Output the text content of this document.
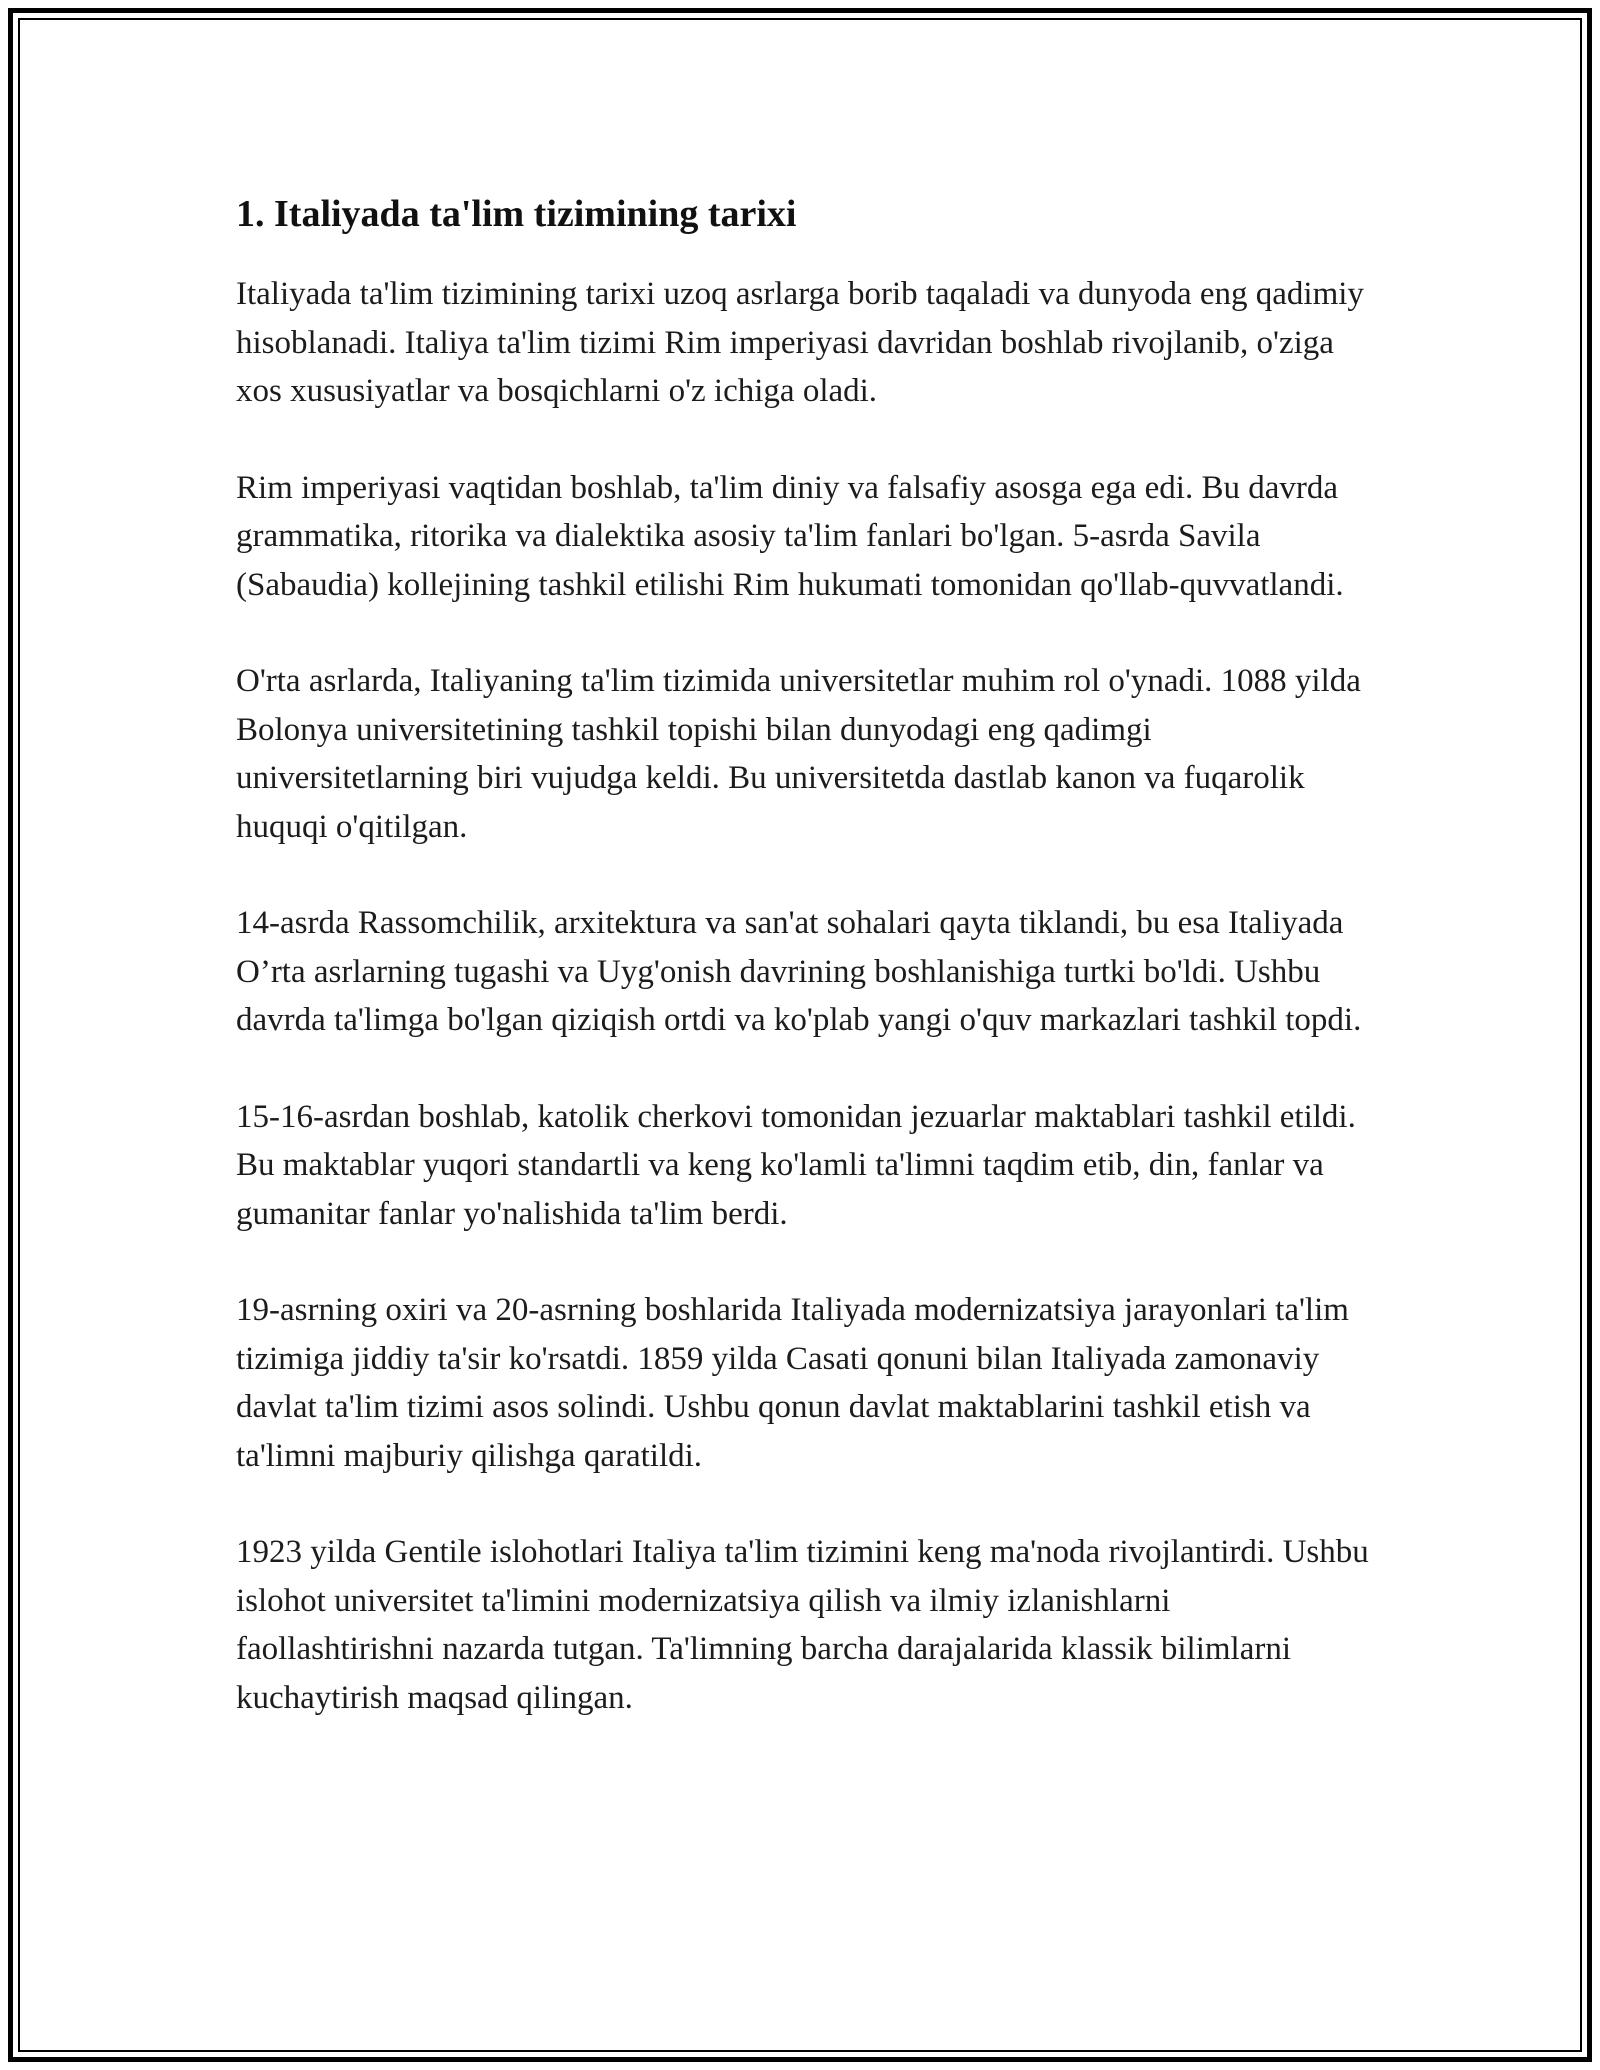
1. Italiyada ta'lim tizimining tarixi

Italiyada ta'lim tizimining tarixi uzoq asrlarga borib taqaladi va dunyoda eng qadimiy hisoblanadi. Italiya ta'lim tizimi Rim imperiyasi davridan boshlab rivojlanib, o'ziga xos xususiyatlar va bosqichlarni o'z ichiga oladi.

Rim imperiyasi vaqtidan boshlab, ta'lim diniy va falsafiy asosga ega edi. Bu davrda grammatika, ritorika va dialektika asosiy ta'lim fanlari bo'lgan. 5-asrda Savila (Sabaudia) kollejining tashkil etilishi Rim hukumati tomonidan qo'llab-quvvatlandi.

O'rta asrlarda, Italiyaning ta'lim tizimida universitetlar muhim rol o'ynadi. 1088 yilda Bolonya universitetining tashkil topishi bilan dunyodagi eng qadimgi universitetlarning biri vujudga keldi. Bu universitetda dastlab kanon va fuqarolik huquqi o'qitilgan.

14-asrda Rassomchilik, arxitektura va san'at sohalari qayta tiklandi, bu esa Italiyada O’rta asrlarning tugashi va Uyg'onish davrining boshlanishiga turtki bo'ldi. Ushbu davrda ta'limga bo'lgan qiziqish ortdi va ko'plab yangi o'quv markazlari tashkil topdi.

15-16-asrdan boshlab, katolik cherkovi tomonidan jezuarlar maktablari tashkil etildi. Bu maktablar yuqori standartli va keng ko'lamli ta'limni taqdim etib, din, fanlar va gumanitar fanlar yo'nalishida ta'lim berdi.

19-asrning oxiri va 20-asrning boshlarida Italiyada modernizatsiya jarayonlari ta'lim tizimiga jiddiy ta'sir ko'rsatdi. 1859 yilda Casati qonuni bilan Italiyada zamonaviy davlat ta'lim tizimi asos solindi. Ushbu qonun davlat maktablarini tashkil etish va ta'limni majburiy qilishga qaratildi.

1923 yilda Gentile islohotlari Italiya ta'lim tizimini keng ma'noda rivojlantirdi. Ushbu islohot universitet ta'limini modernizatsiya qilish va ilmiy izlanishlarni faollashtirishni nazarda tutgan. Ta'limning barcha darajalarida klassik bilimlarni kuchaytirish maqsad qilingan.
